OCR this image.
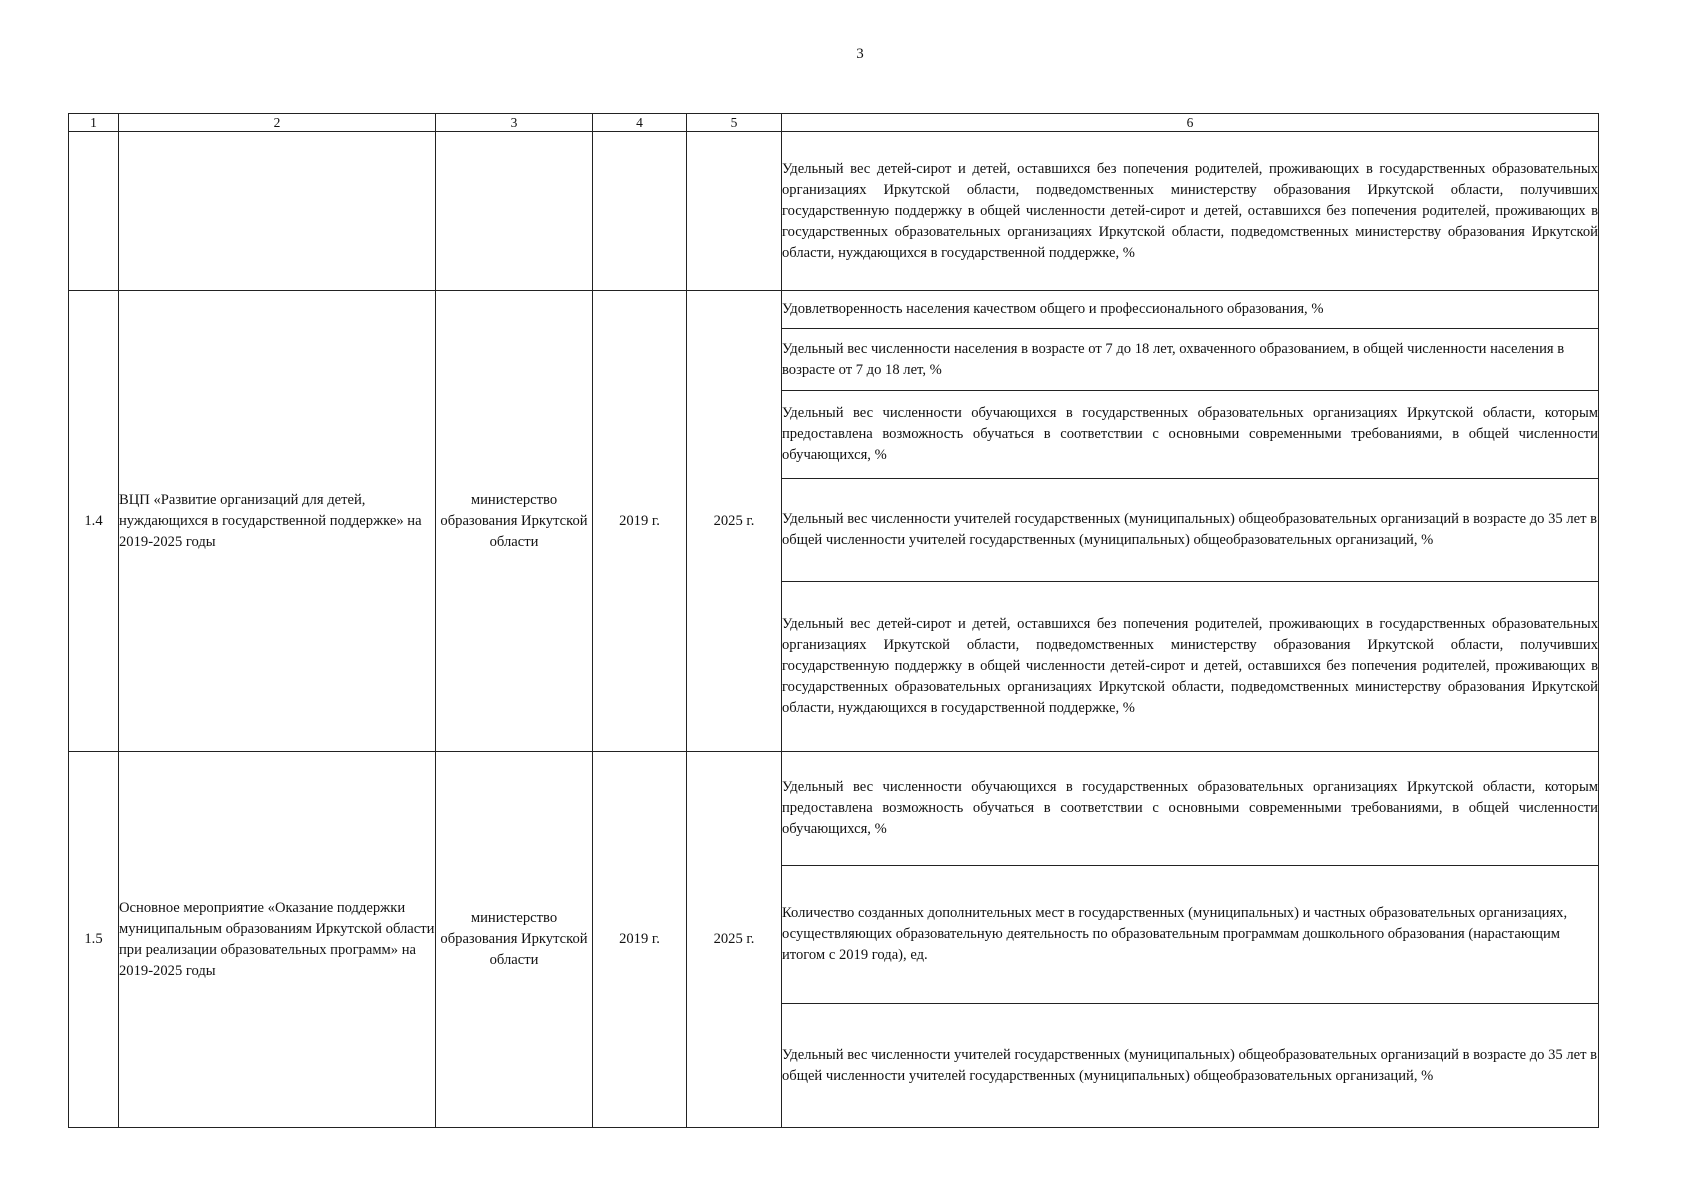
3
1	2	3	4	5	6
					Удельный вес детей-сирот и детей, оставшихся без попечения родителей, проживающих в государственных образовательных организациях Иркутской области, подведомственных министерству образования Иркутской области, получивших государственную поддержку в общей численности детей-сирот и детей, оставшихся без попечения родителей, проживающих в государственных образовательных организациях Иркутской области, подведомственных министерству образования Иркутской области, нуждающихся в государственной поддержке, %
1.4	ВЦП «Развитие организаций для детей, нуждающихся в государственной поддержке» на 2019-2025 годы	министерство образования Иркутской области	2019 г.	2025 г.	Удовлетворенность населения качеством общего и профессионального образования, %
					Удельный вес численности населения в возрасте от 7 до 18 лет, охваченного образованием, в общей численности населения в возрасте от 7 до 18 лет, %
					Удельный вес численности обучающихся в государственных образовательных организациях Иркутской области, которым предоставлена возможность обучаться в соответствии с основными современными требованиями, в общей численности обучающихся, %
					Удельный вес численности учителей государственных (муниципальных) общеобразовательных организаций в возрасте до 35 лет в общей численности учителей государственных (муниципальных) общеобразовательных организаций, %
					Удельный вес детей-сирот и детей, оставшихся без попечения родителей, проживающих в государственных образовательных организациях Иркутской области, подведомственных министерству образования Иркутской области, получивших государственную поддержку в общей численности детей-сирот и детей, оставшихся без попечения родителей, проживающих в государственных образовательных организациях Иркутской области, подведомственных министерству образования Иркутской области, нуждающихся в государственной поддержке, %
1.5	Основное мероприятие «Оказание поддержки муниципальным образованиям Иркутской области при реализации образовательных программ» на 2019-2025 годы	министерство образования Иркутской области	2019 г.	2025 г.	Удельный вес численности обучающихся в государственных образовательных организациях Иркутской области, которым предоставлена возможность обучаться в соответствии с основными современными требованиями, в общей численности обучающихся, %
					Количество созданных дополнительных мест в государственных (муниципальных) и частных образовательных организациях, осуществляющих образовательную деятельность по образовательным программам дошкольного образования (нарастающим итогом с 2019 года), ед.
					Удельный вес численности учителей государственных (муниципальных) общеобразовательных организаций в возрасте до 35 лет в общей численности учителей государственных (муниципальных) общеобразовательных организаций, %
